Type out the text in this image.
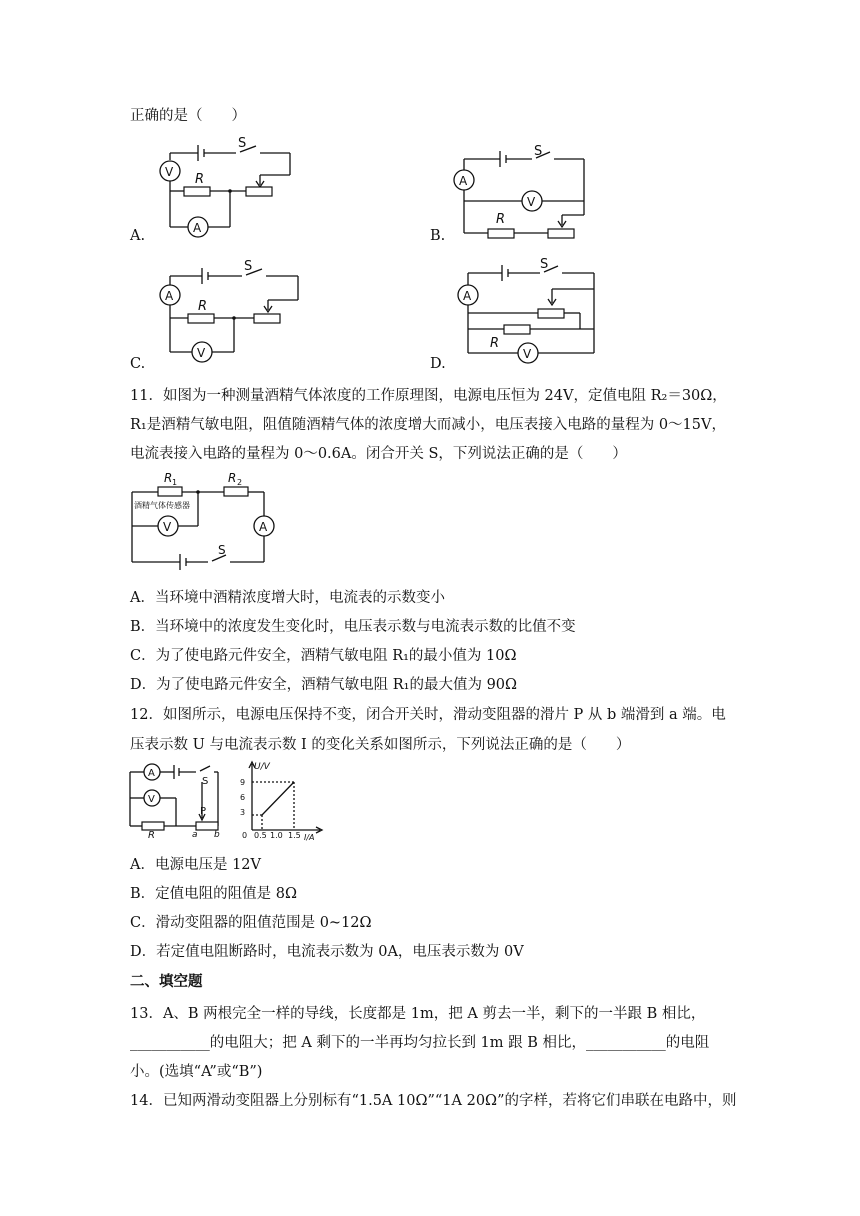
正确的是（　　）
A.	B.
C.	D.
S
V R
A
S
A
V
R
S
A
R
V
S
A
R
V
11．如图为一种测量酒精气体浓度的工作原理图，电源电压恒为 24V，定值电阻 R₂＝30Ω，
R₁是酒精气敏电阻，阻值随酒精气体的浓度增大而减小，电压表接入电路的量程为 0～15V，
电流表接入电路的量程为 0～0.6A。闭合开关 S，下列说法正确的是（　　）
R 1	R 2
A
酒精气体传感器
V
S
A．当环境中酒精浓度增大时，电流表的示数变小
B．当环境中的浓度发生变化时，电压表示数与电流表示数的比值不变
C．为了使电路元件安全，酒精气敏电阻 R₁的最小值为 10Ω
D．为了使电路元件安全，酒精气敏电阻 R₁的最大值为 90Ω
12．如图所示，电源电压保持不变，闭合开关时，滑动变阻器的滑片 P 从 b 端滑到 a 端。电
压表示数 U 与电流表示数 I 的变化关系如图所示，下列说法正确的是（　　）
A
S
V
P
R	a b
U/V
I/A
9
6
3
0 0.5 1.0 1.5
A．电源电压是 12V
B．定值电阻的阻值是 8Ω
C．滑动变阻器的阻值范围是 0~12Ω
D．若定值电阻断路时，电流表示数为 0A，电压表示数为 0V
二、填空题
13．A、B 两根完全一样的导线，长度都是 1m，把 A 剪去一半，剩下的一半跟 B 相比，
___________的电阻大；把 A 剩下的一半再均匀拉长到 1m 跟 B 相比，___________的电阻
小。(选填“A”或“B”)
14．已知两滑动变阻器上分别标有“1.5A 10Ω”“1A 20Ω”的字样，若将它们串联在电路中，则
